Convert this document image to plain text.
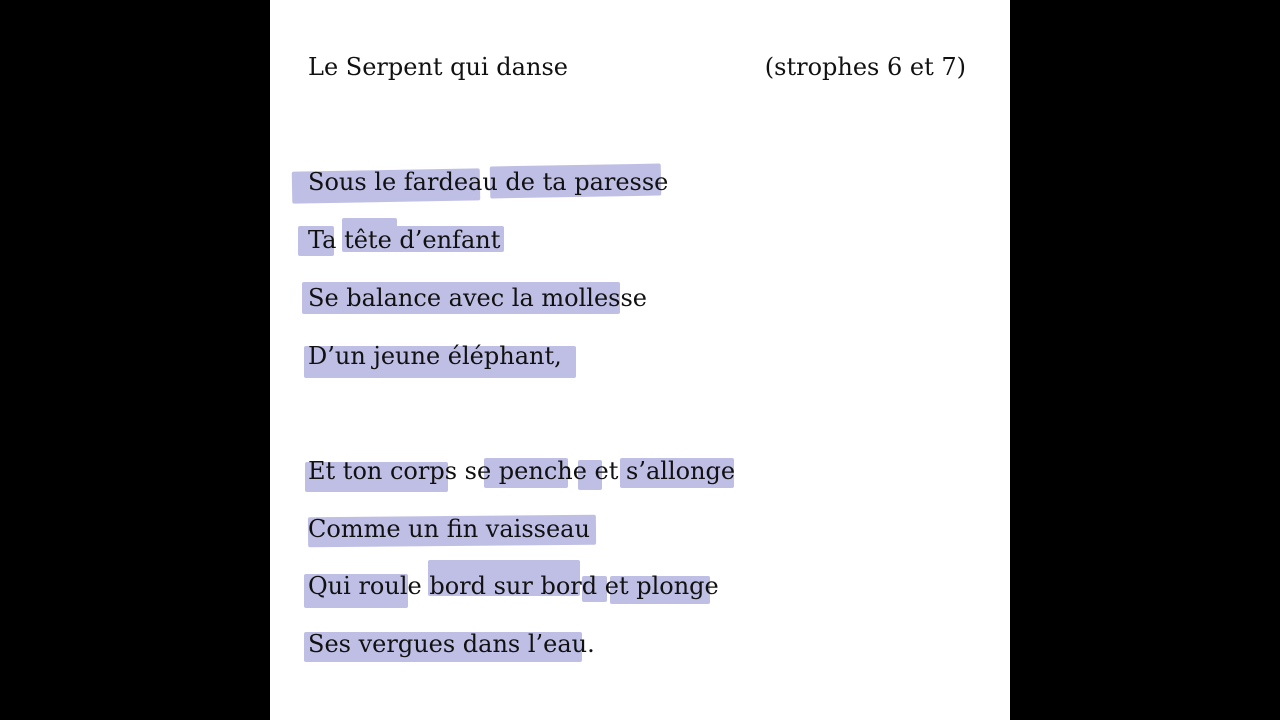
Le Serpent qui danse	(strophes 6 et 7)
Sous le fardeau de ta paresse
Ta tête d’enfant
Se balance avec la mollesse
D’un jeune éléphant,
Et ton corps se penche et s’allonge
Comme un fin vaisseau
Qui roule bord sur bord et plonge
Ses vergues dans l’eau.
